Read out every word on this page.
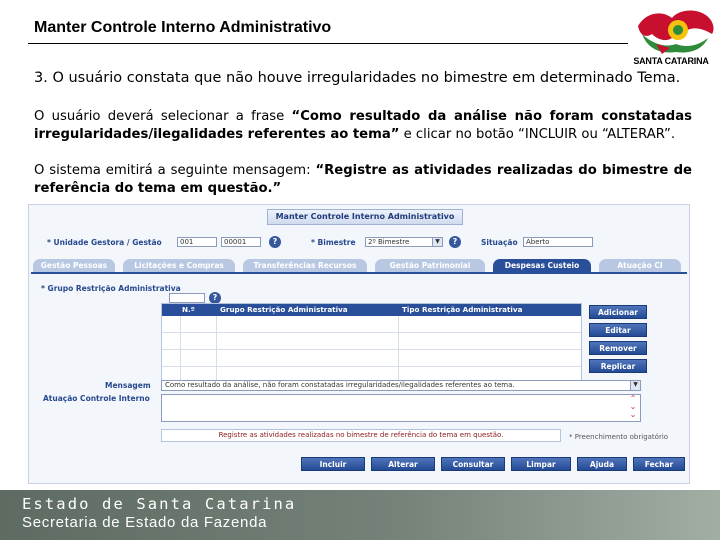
Manter Controle Interno Administrativo
SANTA CATARINA
3. O usuário constata que não houve irregularidades no bimestre em determinado Tema.
O usuário deverá selecionar a frase “Como resultado da análise não foram constatadas irregularidades/ilegalidades referentes ao tema” e clicar no botão “INCLUIR ou “ALTERAR”.
O sistema emitirá a seguinte mensagem: “Registre as atividades realizadas do bimestre de referência do tema em questão.”
Manter Controle Interno Administrativo
* Unidade Gestora / Gestão	001	00001	?	* Bimestre	2º Bimestre	▼	?	Situação	Aberto
Gestão Pessoas	Licitações e Compras	Transferências Recursos	Gestão Patrimonial	Despesas Custeio	Atuação CI
* Grupo Restrição Administrativa
?
N.º	Grupo Restrição Administrativa	Tipo Restrição Administrativa	Adicionar
Editar
Remover
Replicar
Mensagem	Como resultado da análise, não foram constatadas irregularidades/ilegalidades referentes ao tema.	▼
Atuação Controle Interno	⌃
⌄
⌄
Registre as atividades realizadas no bimestre de referência do tema em questão.	* Preenchimento obrigatório
Incluir	Alterar	Consultar	Limpar	Ajuda	Fechar
Estado de Santa Catarina
Secretaria de Estado da Fazenda
